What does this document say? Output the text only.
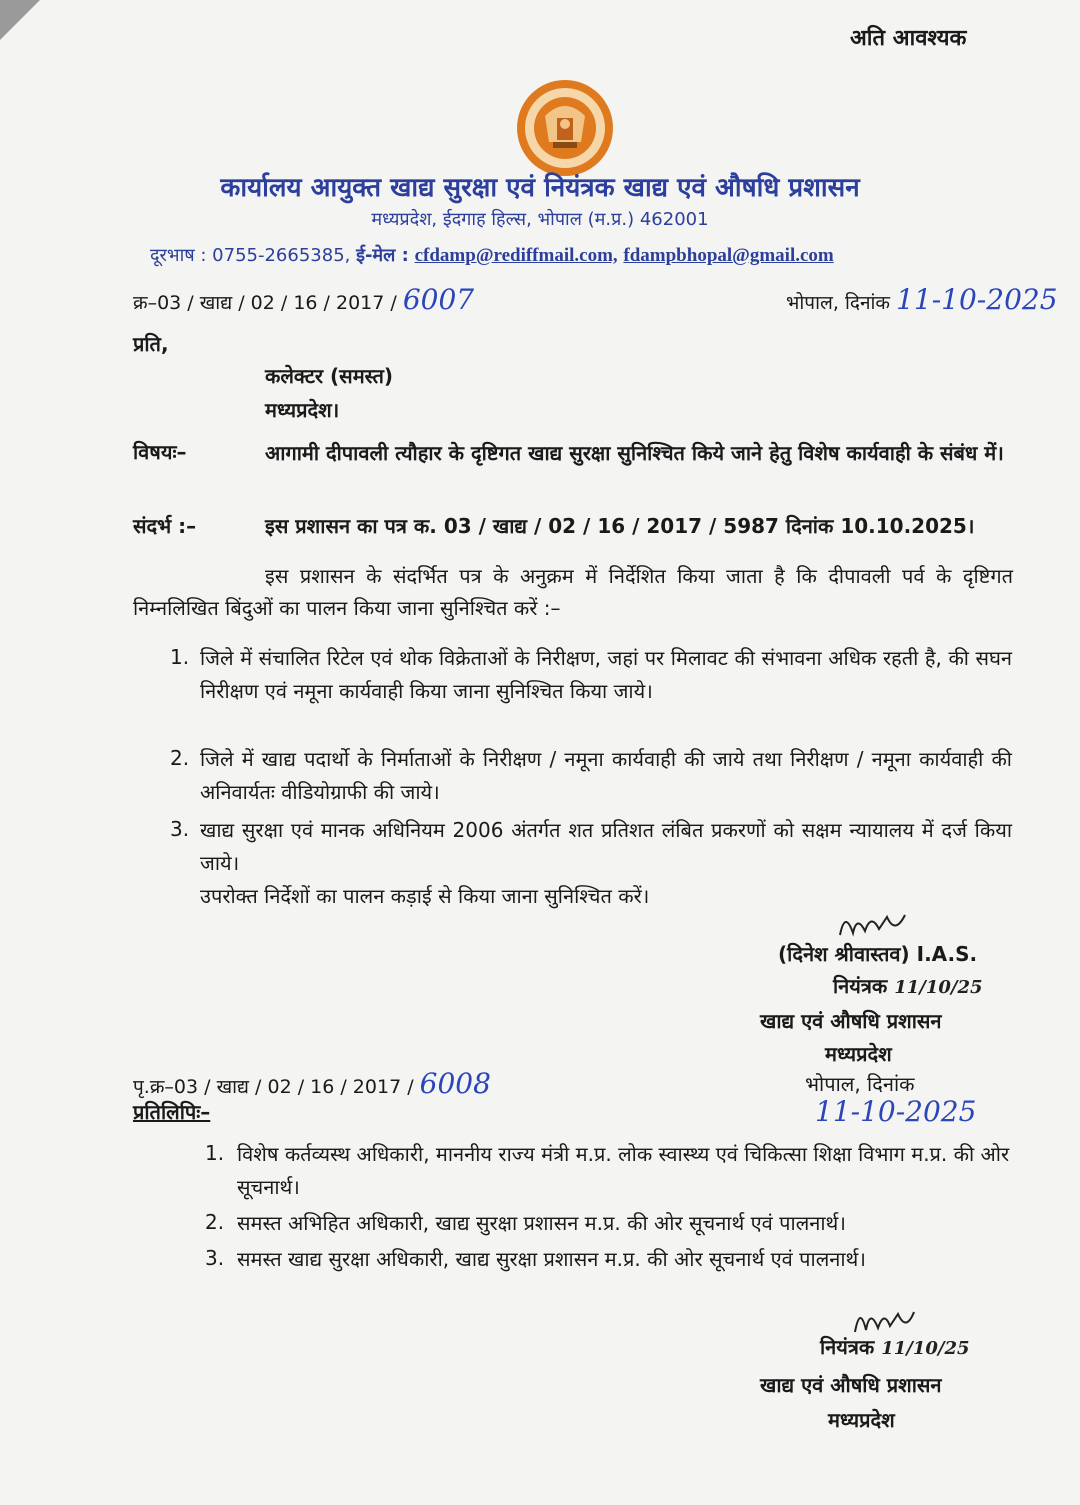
अति आवश्यक
कार्यालय आयुक्त खाद्य सुरक्षा एवं नियंत्रक खाद्य एवं औषधि प्रशासन
मध्यप्रदेश, ईदगाह हिल्स, भोपाल (म.प्र.) 462001
दूरभाष : 0755-2665385, ई-मेल : cfdamp@rediffmail.com, fdampbhopal@gmail.com
क्र–03 / खाद्य / 02 / 16 / 2017 / 6007	भोपाल, दिनांक 11-10-2025
प्रति,
कलेक्टर (समस्त)
मध्यप्रदेश।
विषयः–	आगामी दीपावली त्यौहार के दृष्टिगत खाद्य सुरक्षा सुनिश्चित किये जाने हेतु विशेष कार्यवाही के संबंध में।
संदर्भ :–	इस प्रशासन का पत्र क. 03 / खाद्य / 02 / 16 / 2017 / 5987 दिनांक 10.10.2025।
इस प्रशासन के संदर्भित पत्र के अनुक्रम में निर्देशित किया जाता है कि दीपावली पर्व के दृष्टिगत निम्नलिखित बिंदुओं का पालन किया जाना सुनिश्चित करें :–
1. जिले में संचालित रिटेल एवं थोक विक्रेताओं के निरीक्षण, जहां पर मिलावट की संभावना अधिक रहती है, की सघन निरीक्षण एवं नमूना कार्यवाही किया जाना सुनिश्चित किया जाये।
2. जिले में खाद्य पदार्थो के निर्माताओं के निरीक्षण / नमूना कार्यवाही की जाये तथा निरीक्षण / नमूना कार्यवाही की अनिवार्यतः वीडियोग्राफी की जाये।
3. खाद्य सुरक्षा एवं मानक अधिनियम 2006 अंतर्गत शत प्रतिशत लंबित प्रकरणों को सक्षम न्यायालय में दर्ज किया जाये।
उपरोक्त निर्देशों का पालन कड़ाई से किया जाना सुनिश्चित करें।
(दिनेश श्रीवास्तव) I.A.S.
नियंत्रक 11/10/25
खाद्य एवं औषधि प्रशासन
मध्यप्रदेश
पृ.क्र–03 / खाद्य / 02 / 16 / 2017 / 6008	भोपाल, दिनांक
11-10-2025
प्रतिलिपिः–
1. विशेष कर्तव्यस्थ अधिकारी, माननीय राज्य मंत्री म.प्र. लोक स्वास्थ्य एवं चिकित्सा शिक्षा विभाग म.प्र. की ओर सूचनार्थ।
2. समस्त अभिहित अधिकारी, खाद्य सुरक्षा प्रशासन म.प्र. की ओर सूचनार्थ एवं पालनार्थ।
3. समस्त खाद्य सुरक्षा अधिकारी, खाद्य सुरक्षा प्रशासन म.प्र. की ओर सूचनार्थ एवं पालनार्थ।
नियंत्रक 11/10/25
खाद्य एवं औषधि प्रशासन
मध्यप्रदेश
